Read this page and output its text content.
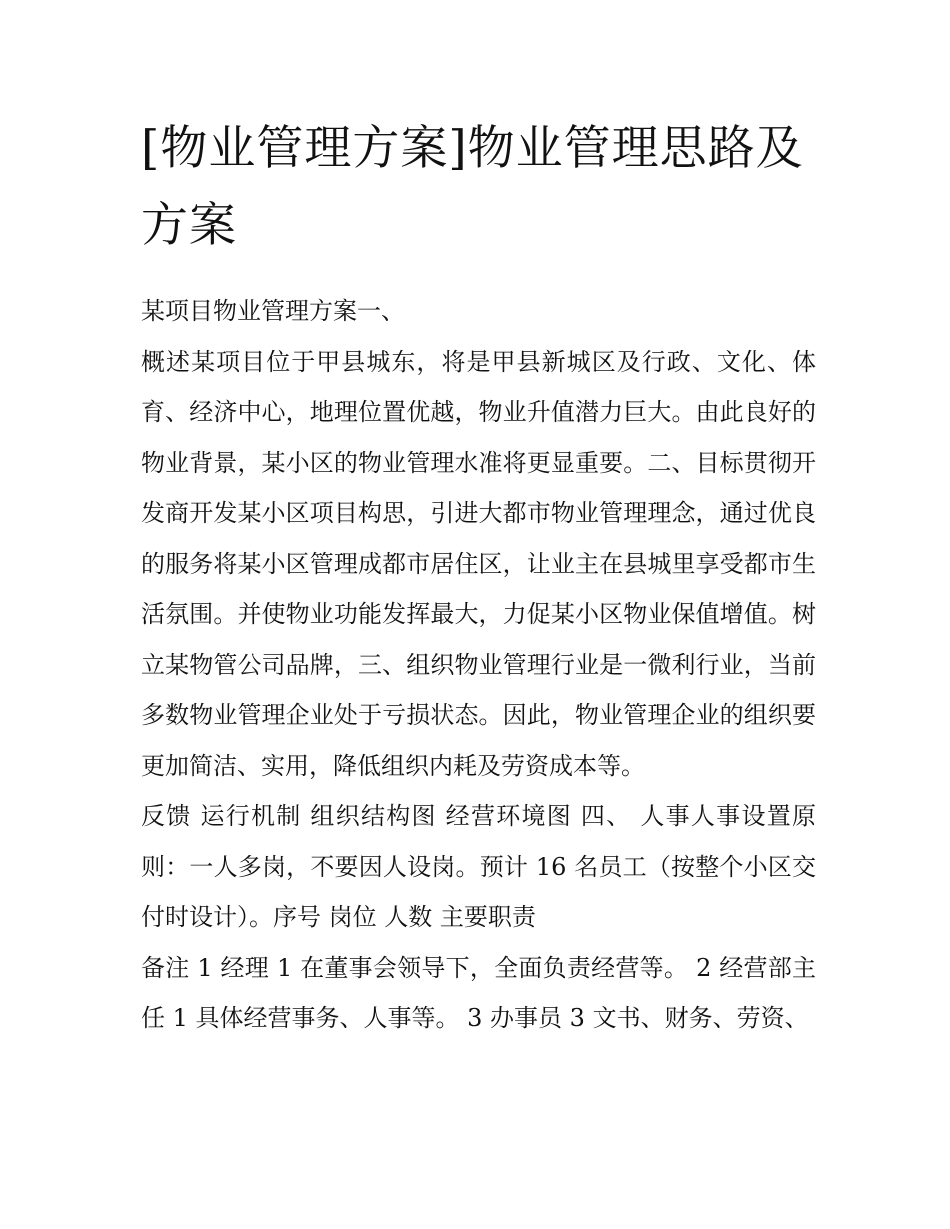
[物业管理方案]物业管理思路及方案

某项目物业管理方案一、

概述某项目位于甲县城东，将是甲县新城区及行政、文化、体育、经济中心，地理位置优越，物业升值潜力巨大。由此良好的物业背景，某小区的物业管理水准将更显重要。二、目标贯彻开发商开发某小区项目构思，引进大都市物业管理理念，通过优良的服务将某小区管理成都市居住区，让业主在县城里享受都市生活氛围。并使物业功能发挥最大，力促某小区物业保值增值。树立某物管公司品牌，三、组织物业管理行业是一微利行业，当前多数物业管理企业处于亏损状态。因此，物业管理企业的组织要更加简洁、实用，降低组织内耗及劳资成本等。

反馈 运行机制 组织结构图 经营环境图 四、 人事人事设置原则：一人多岗，不要因人设岗。预计 16 名员工（按整个小区交付时设计）。序号 岗位 人数 主要职责

备注 1 经理 1 在董事会领导下，全面负责经营等。 2 经营部主任 1 具体经营事务、人事等。 3 办事员 3 文书、财务、劳资、
